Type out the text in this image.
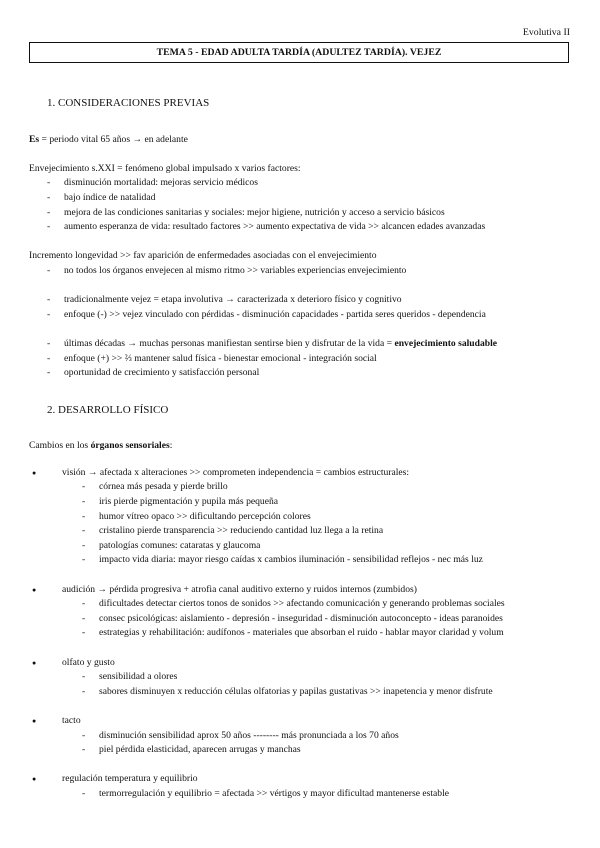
Evolutiva II
TEMA 5 - EDAD ADULTA TARDÍA (ADULTEZ TARDÍA). VEJEZ
1. CONSIDERACIONES PREVIAS
Es = periodo vital 65 años → en adelante
Envejecimiento s.XXI = fenómeno global impulsado x varios factores:
- disminución mortalidad: mejoras servicio médicos
- bajo índice de natalidad
- mejora de las condiciones sanitarias y sociales: mejor higiene, nutrición y acceso a servicio básicos
- aumento esperanza de vida: resultado factores >> aumento expectativa de vida >> alcancen edades avanzadas
Incremento longevidad >> fav aparición de enfermedades asociadas con el envejecimiento
- no todos los órganos envejecen al mismo ritmo >> variables experiencias envejecimiento
- tradicionalmente vejez = etapa involutiva → caracterizada x deterioro físico y cognitivo
- enfoque (-) >> vejez vinculado con pérdidas - disminución capacidades - partida seres queridos - dependencia
- últimas décadas → muchas personas manifiestan sentirse bien y disfrutar de la vida = envejecimiento saludable
- enfoque (+) >> ⅔ mantener salud física - bienestar emocional - integración social
- oportunidad de crecimiento y satisfacción personal
2. DESARROLLO FÍSICO
Cambios en los órganos sensoriales:
● visión → afectada x alteraciones >> comprometen independencia = cambios estructurales:
- córnea más pesada y pierde brillo
- iris pierde pigmentación y pupila más pequeña
- humor vítreo opaco >> dificultando percepción colores
- cristalino pierde transparencia >> reduciendo cantidad luz llega a la retina
- patologías comunes: cataratas y glaucoma
- impacto vida diaria: mayor riesgo caídas x cambios iluminación - sensibilidad reflejos - nec más luz
● audición → pérdida progresiva + atrofia canal auditivo externo y ruidos internos (zumbidos)
- dificultades detectar ciertos tonos de sonidos >> afectando comunicación y generando problemas sociales
- consec psicológicas: aislamiento - depresión - inseguridad - disminución autoconcepto - ideas paranoides
- estrategias y rehabilitación: audífonos - materiales que absorban el ruido - hablar mayor claridad y volum
● olfato y gusto
- sensibilidad a olores
- sabores disminuyen x reducción células olfatorias y papilas gustativas >> inapetencia y menor disfrute
● tacto
- disminución sensibilidad aprox 50 años -------- más pronunciada a los 70 años
- piel pérdida elasticidad, aparecen arrugas y manchas
● regulación temperatura y equilibrio
- termorregulación y equilibrio = afectada >> vértigos y mayor dificultad mantenerse estable
